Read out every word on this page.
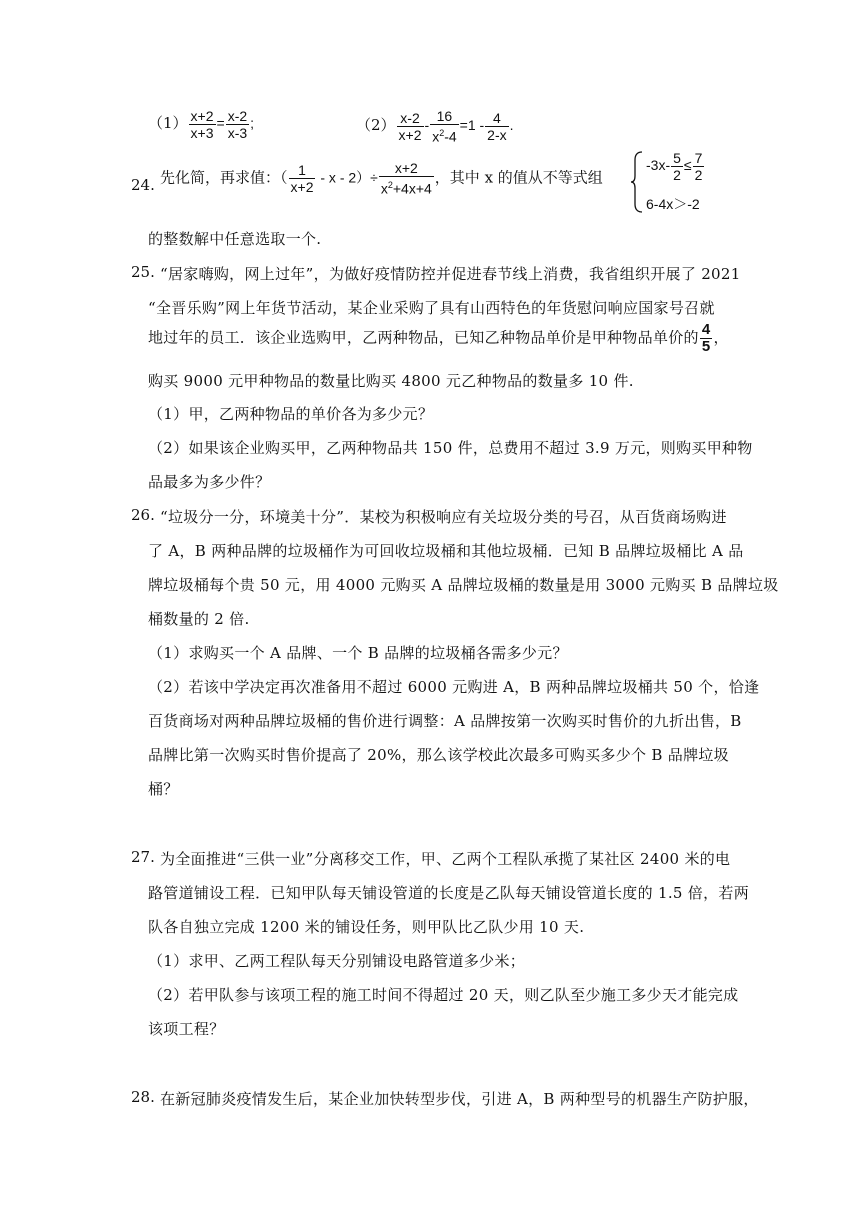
$(1) \frac{x+2}{x+3} = \frac{x-2}{x-3}$ ;	$(2) \frac{x-2}{x+2} - \frac{16}{x^2-4} =1 - \frac{4}{2-x}$ .
24. 先化简，再求值：（ $\frac{1}{x+2} - x - 2)\div \frac{x+2}{x^2+4x+4}$ ，其中 x 的值从不等式组
$-3x- \frac{5}{2} \le \frac{7}{2}$
6-4x＞-2
的整数解中任意选取一个.
25. “居家嗨购，网上过年”，为做好疫情防控并促进春节线上消费，我省组织开展了 2021
“全晋乐购”网上年货节活动，某企业采购了具有山西特色的年货慰问响应国家号召就
地过年的员工．该企业选购甲，乙两种物品，已知乙种物品单价是甲种物品单价的 $\frac{4}{5}$ ，
购买 9000 元甲种物品的数量比购买 4800 元乙种物品的数量多 10 件.
（1）甲，乙两种物品的单价各为多少元？
（2）如果该企业购买甲，乙两种物品共 150 件，总费用不超过 3.9 万元，则购买甲种物
品最多为多少件？
26. “垃圾分一分，环境美十分”．某校为积极响应有关垃圾分类的号召，从百货商场购进
了 A，B 两种品牌的垃圾桶作为可回收垃圾桶和其他垃圾桶．已知 B 品牌垃圾桶比 A 品
牌垃圾桶每个贵 50 元，用 4000 元购买 A 品牌垃圾桶的数量是用 3000 元购买 B 品牌垃圾
桶数量的 2 倍.
（1）求购买一个 A 品牌、一个 B 品牌的垃圾桶各需多少元？
（2）若该中学决定再次准备用不超过 6000 元购进 A，B 两种品牌垃圾桶共 50 个，恰逢
百货商场对两种品牌垃圾桶的售价进行调整：A 品牌按第一次购买时售价的九折出售，B
品牌比第一次购买时售价提高了 20%，那么该学校此次最多可购买多少个 B 品牌垃圾
桶？
27. 为全面推进“三供一业”分离移交工作，甲、乙两个工程队承揽了某社区 2400 米的电
路管道铺设工程．已知甲队每天铺设管道的长度是乙队每天铺设管道长度的 1.5 倍，若两
队各自独立完成 1200 米的铺设任务，则甲队比乙队少用 10 天.
（1）求甲、乙两工程队每天分别铺设电路管道多少米；
（2）若甲队参与该项工程的施工时间不得超过 20 天，则乙队至少施工多少天才能完成
该项工程？
28. 在新冠肺炎疫情发生后，某企业加快转型步伐，引进 A，B 两种型号的机器生产防护服，
